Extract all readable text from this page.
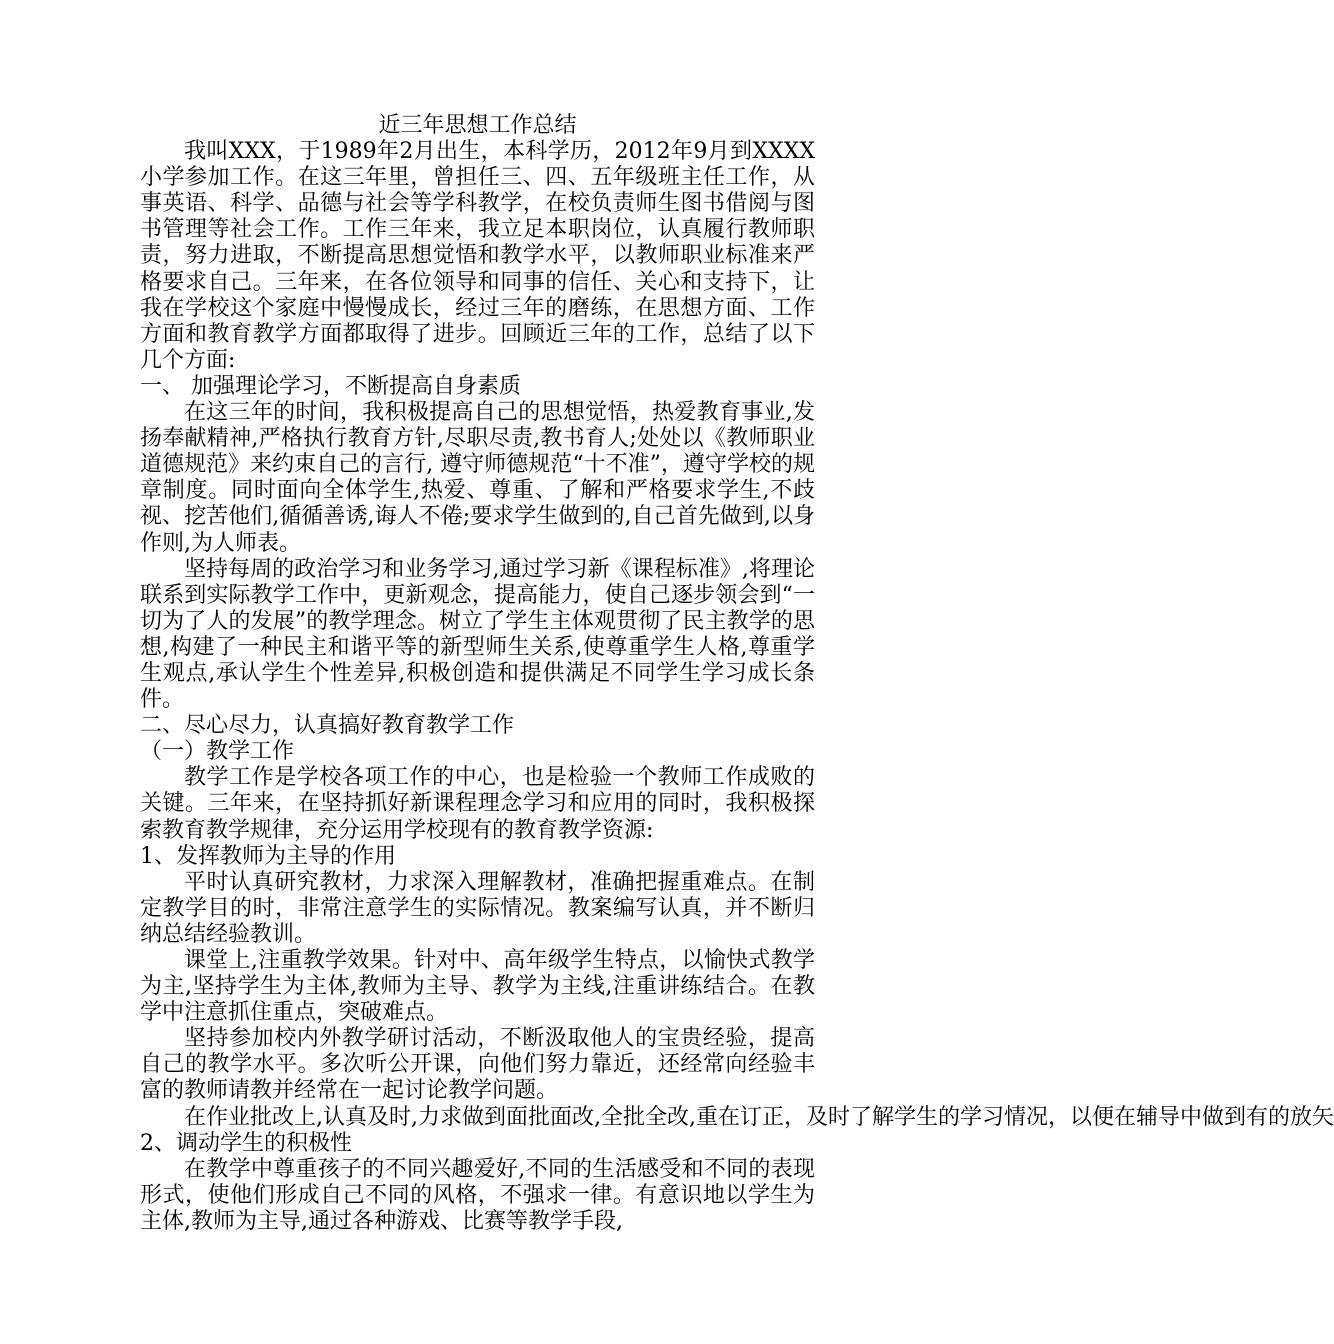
近三年思想工作总结

我叫XXX，于1989年2月出生，本科学历，2012年9月到XXXX小学参加工作。在这三年里，曾担任三、四、五年级班主任工作，从事英语、科学、品德与社会等学科教学，在校负责师生图书借阅与图书管理等社会工作。工作三年来，我立足本职岗位，认真履行教师职责，努力进取，不断提高思想觉悟和教学水平，以教师职业标准来严格要求自己。三年来，在各位领导和同事的信任、关心和支持下，让我在学校这个家庭中慢慢成长，经过三年的磨练，在思想方面、工作方面和教育教学方面都取得了进步。回顾近三年的工作，总结了以下几个方面:

一、 加强理论学习，不断提高自身素质

在这三年的时间，我积极提高自己的思想觉悟，热爱教育事业,发扬奉献精神,严格执行教育方针,尽职尽责,教书育人;处处以《教师职业道德规范》来约束自己的言行, 遵守师德规范“十不准”，遵守学校的规章制度。同时面向全体学生,热爱、尊重、了解和严格要求学生,不歧视、挖苦他们,循循善诱,诲人不倦;要求学生做到的,自己首先做到,以身作则,为人师表。

坚持每周的政治学习和业务学习,通过学习新《课程标准》,将理论联系到实际教学工作中，更新观念，提高能力，使自己逐步领会到“一切为了人的发展”的教学理念。树立了学生主体观贯彻了民主教学的思想,构建了一种民主和谐平等的新型师生关系,使尊重学生人格,尊重学生观点,承认学生个性差异,积极创造和提供满足不同学生学习成长条件。

二、尽心尽力，认真搞好教育教学工作

（一）教学工作

教学工作是学校各项工作的中心，也是检验一个教师工作成败的关键。三年来，在坚持抓好新课程理念学习和应用的同时，我积极探索教育教学规律，充分运用学校现有的教育教学资源:

1、发挥教师为主导的作用

平时认真研究教材，力求深入理解教材，准确把握重难点。在制定教学目的时，非常注意学生的实际情况。教案编写认真，并不断归纳总结经验教训。

课堂上,注重教学效果。针对中、高年级学生特点，以愉快式教学为主,坚持学生为主体,教师为主导、教学为主线,注重讲练结合。在教学中注意抓住重点，突破难点。

坚持参加校内外教学研讨活动，不断汲取他人的宝贵经验，提高自己的教学水平。多次听公开课，向他们努力靠近，还经常向经验丰富的教师请教并经常在一起讨论教学问题。

在作业批改上,认真及时,力求做到面批面改,全批全改,重在订正，及时了解学生的学习情况，以便在辅导中做到有的放矢

2、调动学生的积极性

在教学中尊重孩子的不同兴趣爱好,不同的生活感受和不同的表现形式，使他们形成自己不同的风格，不强求一律。有意识地以学生为主体,教师为主导,通过各种游戏、比赛等教学手段,
